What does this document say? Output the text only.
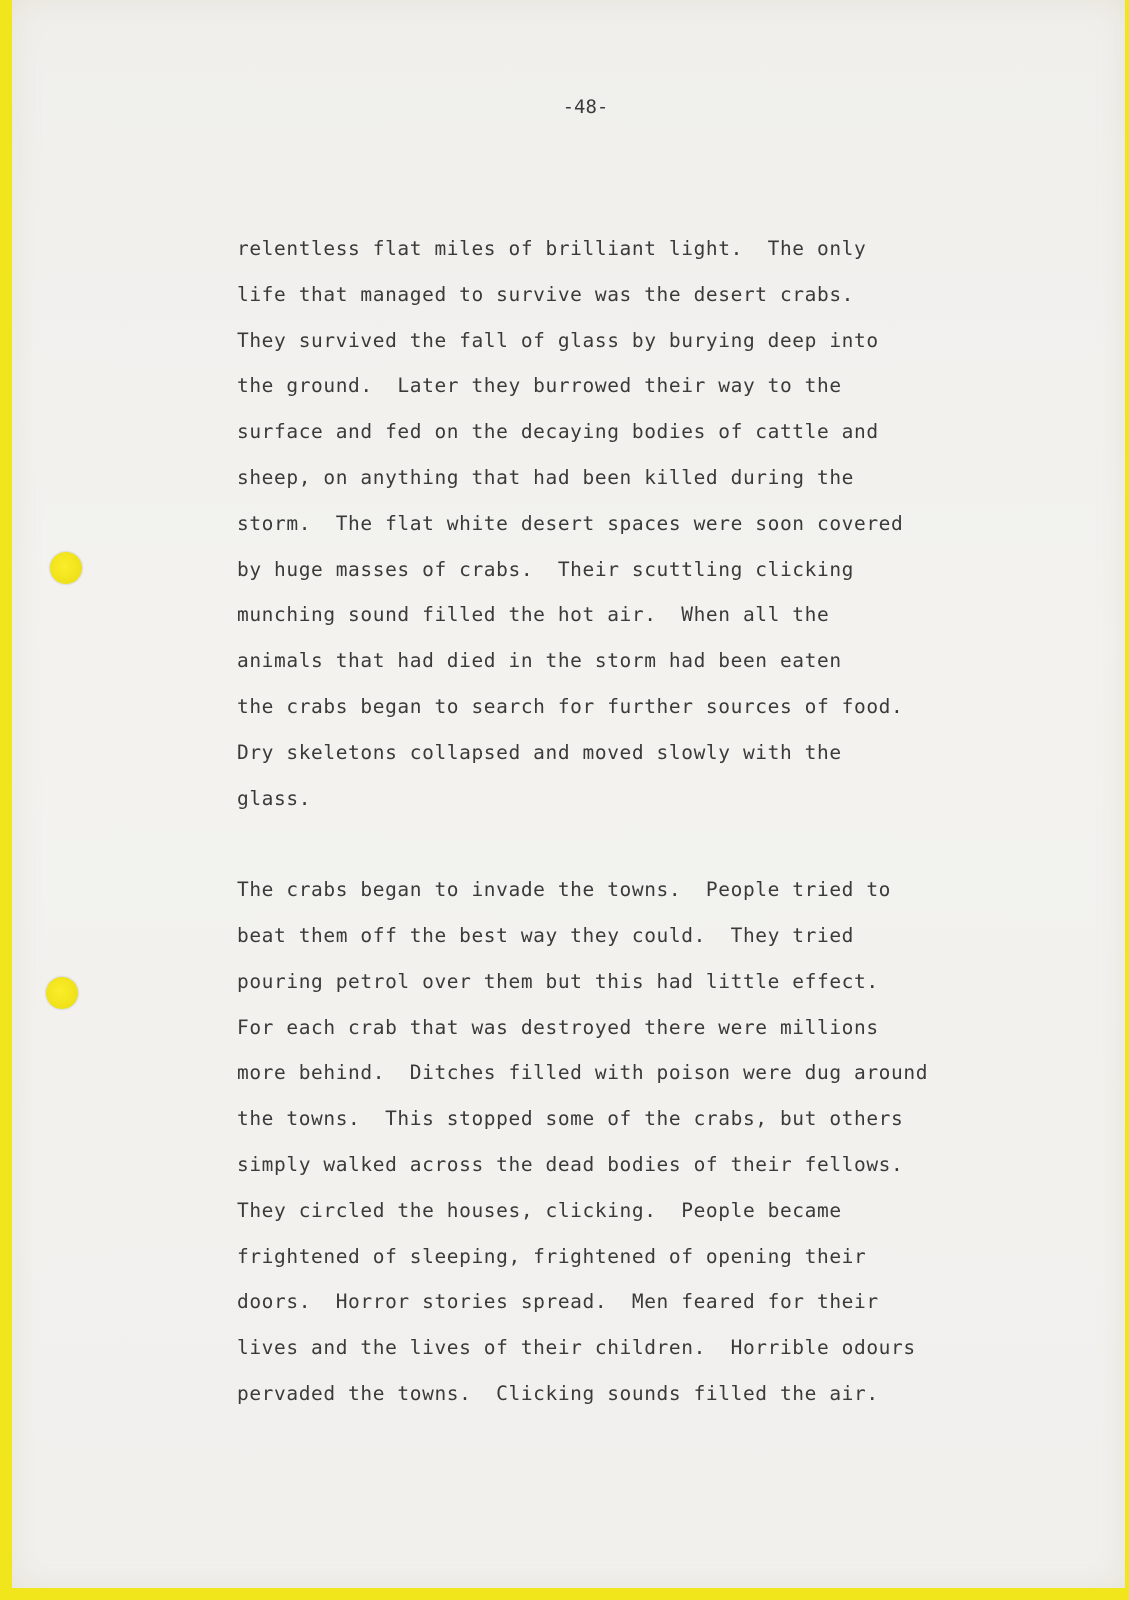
-48-
relentless flat miles of brilliant light.  The only
life that managed to survive was the desert crabs.
They survived the fall of glass by burying deep into
the ground.  Later they burrowed their way to the
surface and fed on the decaying bodies of cattle and
sheep, on anything that had been killed during the
storm.  The flat white desert spaces were soon covered
by huge masses of crabs.  Their scuttling clicking
munching sound filled the hot air.  When all the
animals that had died in the storm had been eaten
the crabs began to search for further sources of food.
Dry skeletons collapsed and moved slowly with the
glass.
The crabs began to invade the towns.  People tried to
beat them off the best way they could.  They tried
pouring petrol over them but this had little effect.
For each crab that was destroyed there were millions
more behind.  Ditches filled with poison were dug around
the towns.  This stopped some of the crabs, but others
simply walked across the dead bodies of their fellows.
They circled the houses, clicking.  People became
frightened of sleeping, frightened of opening their
doors.  Horror stories spread.  Men feared for their
lives and the lives of their children.  Horrible odours
pervaded the towns.  Clicking sounds filled the air.
